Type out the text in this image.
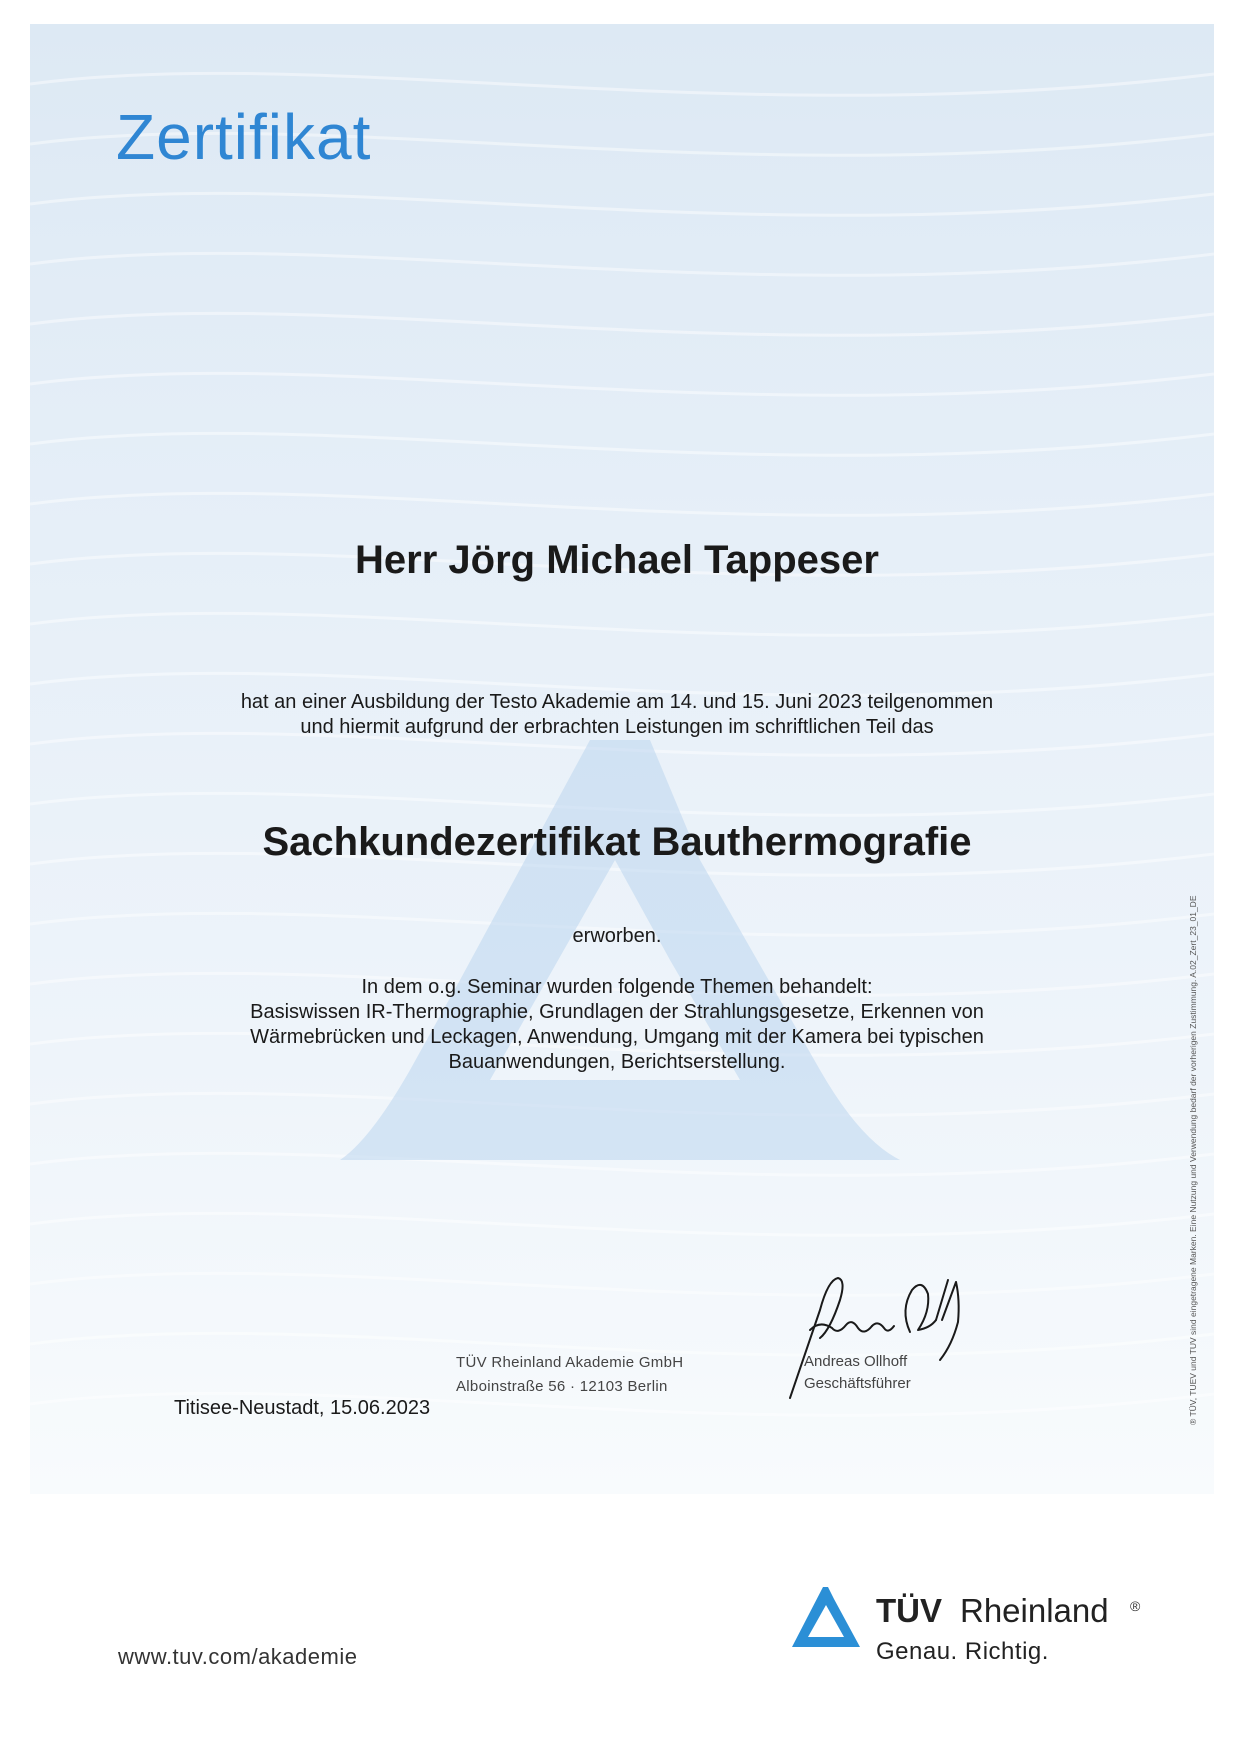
Zertifikat
Herr Jörg Michael Tappeser
hat an einer Ausbildung der Testo Akademie am 14. und 15. Juni 2023 teilgenommen
und hiermit aufgrund der erbrachten Leistungen im schriftlichen Teil das
Sachkundezertifikat Bauthermografie
erworben.
In dem o.g. Seminar wurden folgende Themen behandelt:
Basiswissen IR-Thermographie, Grundlagen der Strahlungsgesetze, Erkennen von
Wärmebrücken und Leckagen, Anwendung, Umgang mit der Kamera bei typischen
Bauanwendungen, Berichtserstellung.
TÜV Rheinland Akademie GmbH
Alboinstraße 56 · 12103 Berlin
Titisee-Neustadt, 15.06.2023
Andreas Ollhoff
Geschäftsführer	® TÜV, TUEV und TUV sind eingetragene Marken. Eine Nutzung und Verwendung bedarf der vorherigen Zustimmung. A.02_Zert_23_01_DE
www.tuv.com/akademie
TÜV Rheinland ®
Genau. Richtig.
